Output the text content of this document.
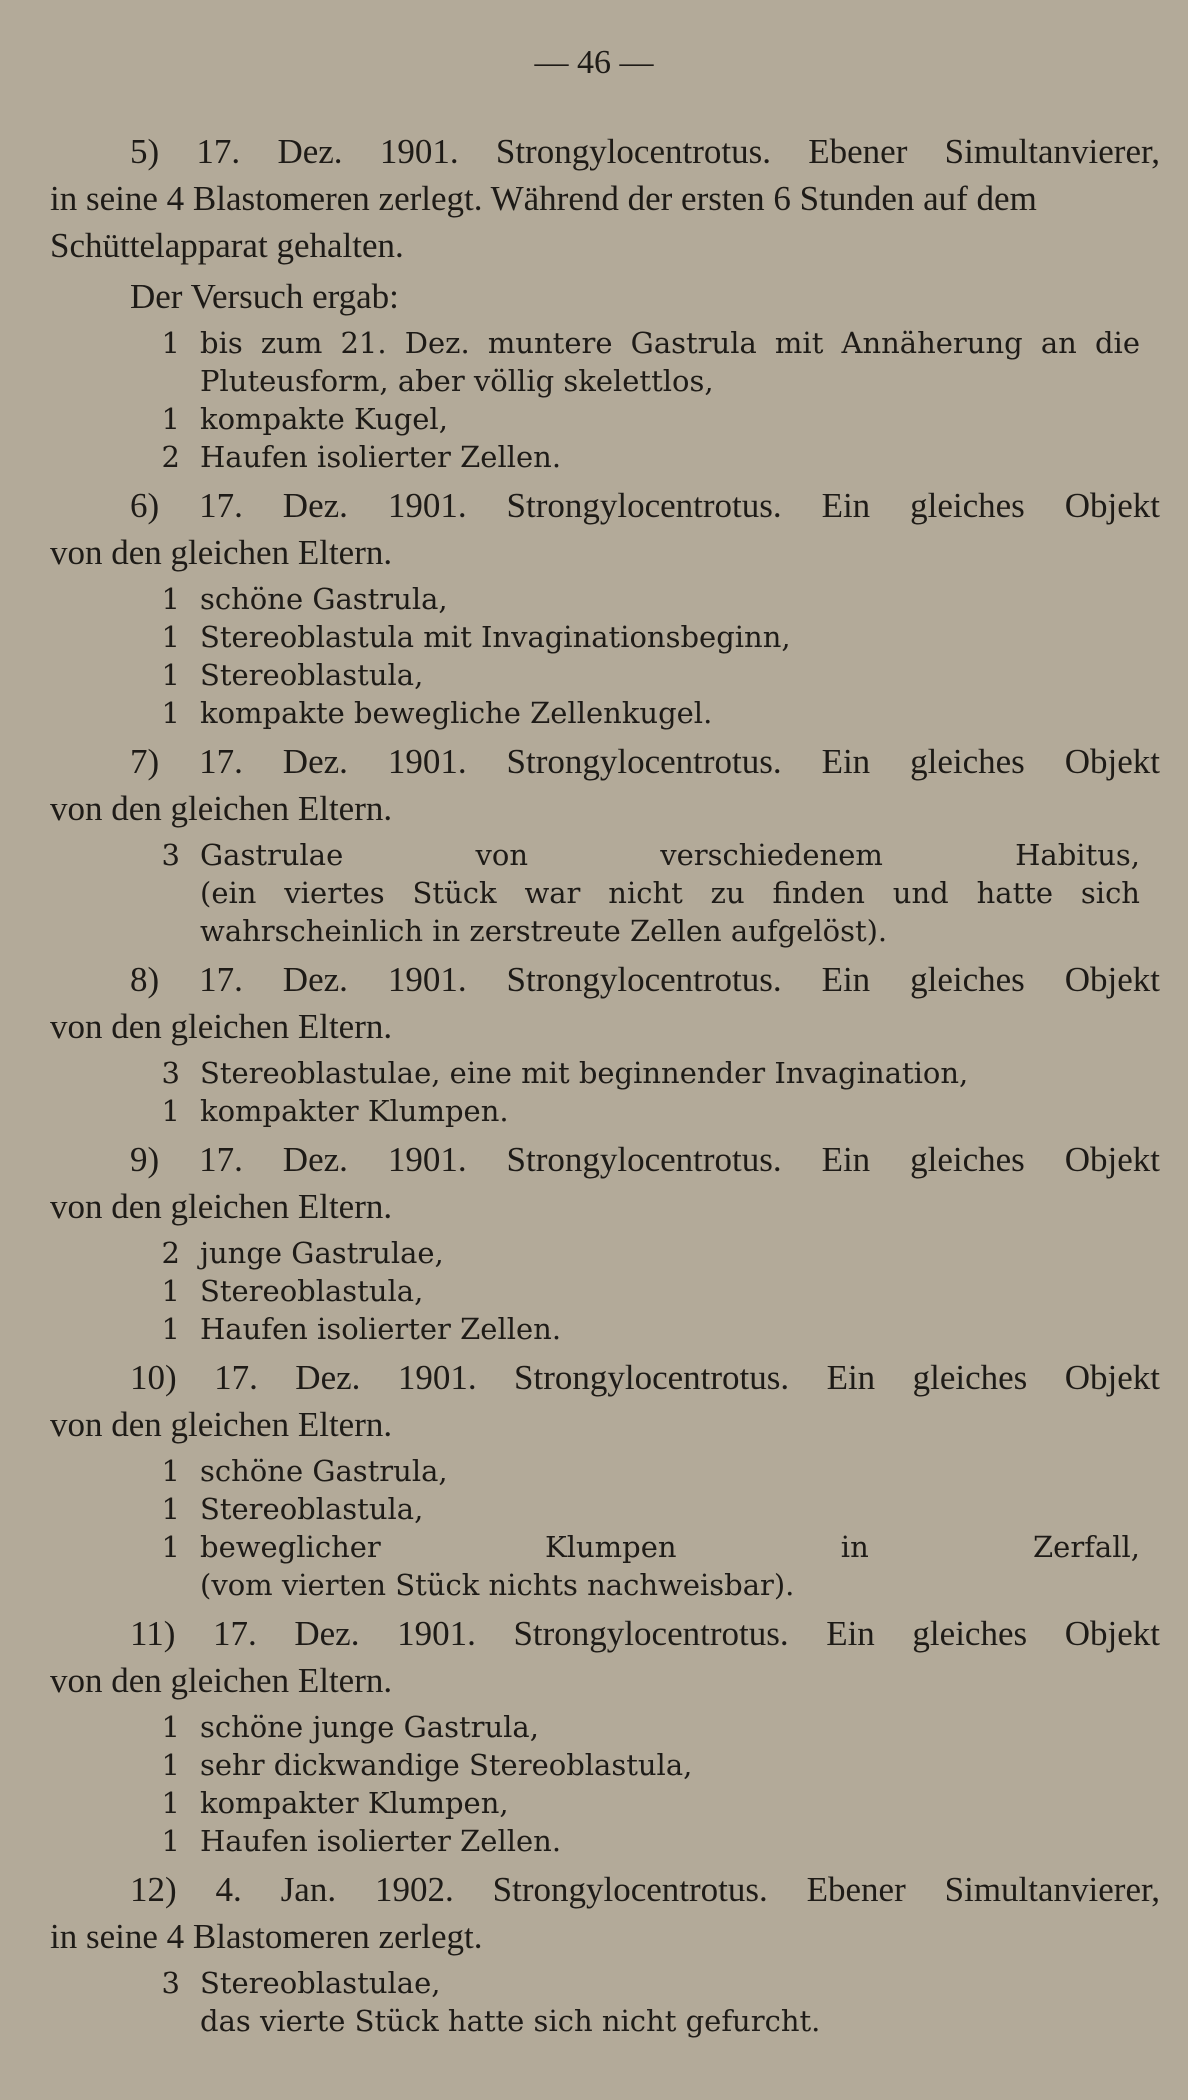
— 46 —

5) 17. Dez. 1901. Strongylocentrotus. Ebener Simultanvierer,

in seine 4 Blastomeren zerlegt. Während der ersten 6 Stunden auf dem Schüttelapparat gehalten.

Der Versuch ergab:

1 bis zum 21. Dez. muntere Gastrula mit Annäherung an die
Pluteusform, aber völlig skelettlos,
1 kompakte Kugel,
2 Haufen isolierter Zellen.

6) 17. Dez. 1901. Strongylocentrotus. Ein gleiches Objekt

von den gleichen Eltern.

1 schöne Gastrula,
1 Stereoblastula mit Invaginationsbeginn,
1 Stereoblastula,
1 kompakte bewegliche Zellenkugel.

7) 17. Dez. 1901. Strongylocentrotus. Ein gleiches Objekt

von den gleichen Eltern.

3 Gastrulae von verschiedenem Habitus,
(ein viertes Stück war nicht zu finden und hatte sich
wahrscheinlich in zerstreute Zellen aufgelöst).

8) 17. Dez. 1901. Strongylocentrotus. Ein gleiches Objekt

von den gleichen Eltern.

3 Stereoblastulae, eine mit beginnender Invagination,
1 kompakter Klumpen.

9) 17. Dez. 1901. Strongylocentrotus. Ein gleiches Objekt

von den gleichen Eltern.

2 junge Gastrulae,
1 Stereoblastula,
1 Haufen isolierter Zellen.

10) 17. Dez. 1901. Strongylocentrotus. Ein gleiches Objekt

von den gleichen Eltern.

1 schöne Gastrula,
1 Stereoblastula,
1 beweglicher Klumpen in Zerfall,
(vom vierten Stück nichts nachweisbar).

11) 17. Dez. 1901. Strongylocentrotus. Ein gleiches Objekt

von den gleichen Eltern.

1 schöne junge Gastrula,
1 sehr dickwandige Stereoblastula,
1 kompakter Klumpen,
1 Haufen isolierter Zellen.

12) 4. Jan. 1902. Strongylocentrotus. Ebener Simultanvierer,

in seine 4 Blastomeren zerlegt.

3 Stereoblastulae,
das vierte Stück hatte sich nicht gefurcht.
